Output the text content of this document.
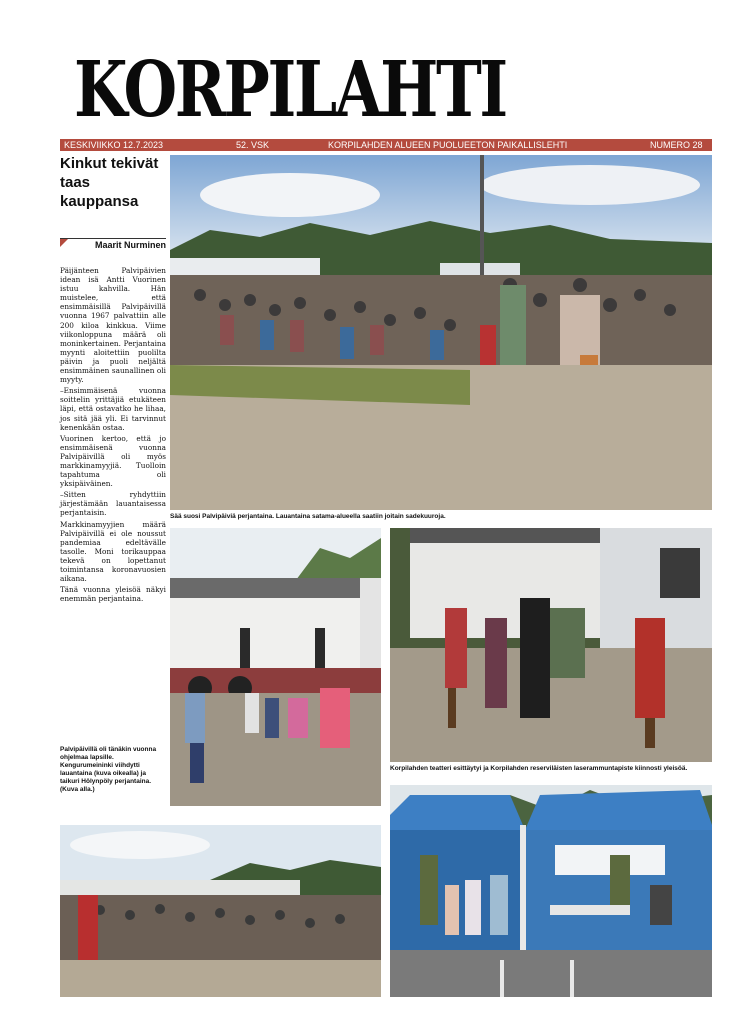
KORPILAHTI
KESKIVIIKKO 12.7.2023	52. VSK	KORPILAHDEN ALUEEN PUOLUEETON PAIKALLISLEHTI	NUMERO 28
Kinkut tekivät taas kauppansa
Maarit Nurminen

Päijänteen Palvipäivien idean isä Antti Vuorinen istuu kahvilla. Hän muistelee, että ensimmäisillä Palvipäivillä vuonna 1967 palvattiin alle 200 kiloa kinkkua. Viime viikonloppuna määrä oli moninkertainen. Perjantaina myynti aloitettiin puolilta päivin ja puoli neljältä ensimmäinen saunallinen oli myyty.

–Ensimmäisenä vuonna soittelin yrittäjiä etukäteen läpi, että ostavatko he lihaa, jos sitä jää yli. Ei tarvinnut kenenkään ostaa.

Vuorinen kertoo, että jo ensimmäisenä vuonna Palvipäivillä oli myös markkinamyyjiä. Tuolloin tapahtuma oli yksipäiväinen.

–Sitten ryhdyttiin järjestämään lauantaisessa perjantaisin.

Markkinamyyjien määrä Palvipäivillä ei ole noussut pandemiaa edeltävälle tasolle. Moni torikauppaa tekevä on lopettanut toimintansa koronavuosien aikana.

Tänä vuonna yleisöä näkyi enemmän perjantaina.

Sää suosi Palvipäiviä perjantaina. Lauantaina satama-alueella saatiin joitain sadekuuroja.
Palvipäivillä oli tänäkin vuonna ohjelmaa lapsille. Kengurumeininki viihdytti lauantaina (kuva oikealla) ja taikuri Hölynpöly perjantaina. (Kuva alla.)
Korpilahden teatteri esittäytyi ja Korpilahden reserviläisten laserammuntapiste kiinnosti yleisöä.
